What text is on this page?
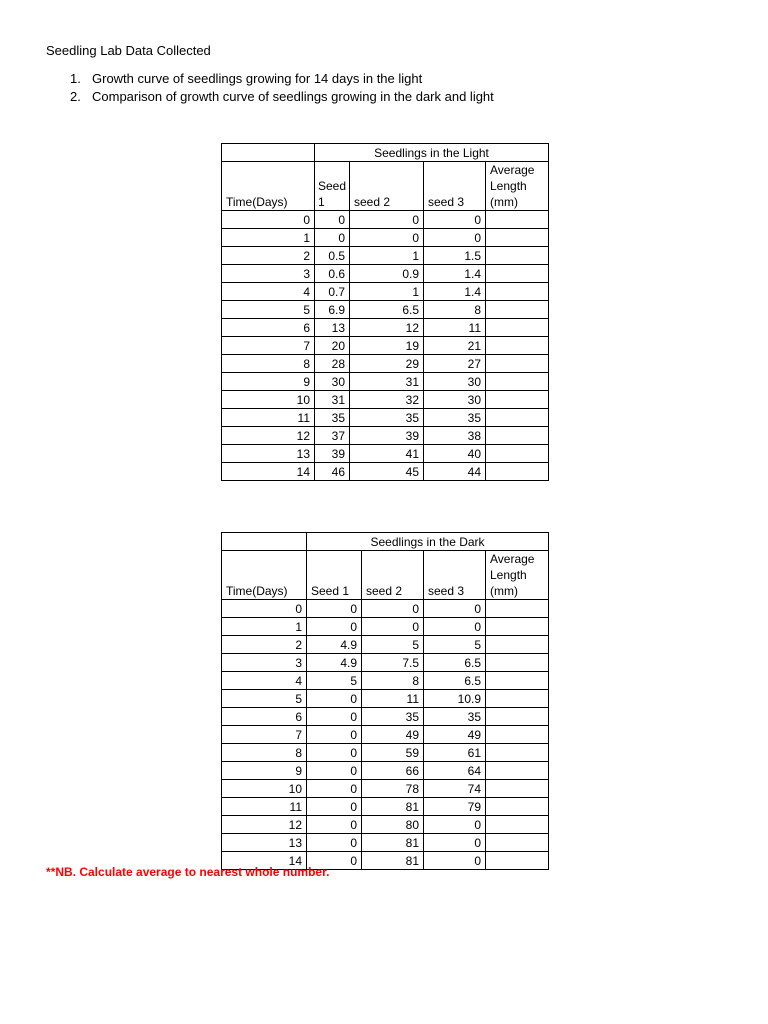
Seedling Lab Data Collected
1. Growth curve of seedlings growing for 14 days in the light
2. Comparison of growth curve of seedlings growing in the dark and light
	Seedlings in the Light			
Time(Days)	Seed 1	seed 2	seed 3	Average Length (mm)
0	0	0	0	
1	0	0	0	
2	0.5	1	1.5	
3	0.6	0.9	1.4	
4	0.7	1	1.4	
5	6.9	6.5	8	
6	13	12	11	
7	20	19	21	
8	28	29	27	
9	30	31	30	
10	31	32	30	
11	35	35	35	
12	37	39	38	
13	39	41	40	
14	46	45	44	
	Seedlings in the Dark			
Time(Days)	Seed 1	seed 2	seed 3	Average Length (mm)
0	0	0	0	
1	0	0	0	
2	4.9	5	5	
3	4.9	7.5	6.5	
4	5	8	6.5	
5	0	11	10.9	
6	0	35	35	
7	0	49	49	
8	0	59	61	
9	0	66	64	
10	0	78	74	
11	0	81	79	
12	0	80	0	
13	0	81	0	
14	0	81	0	
**NB. Calculate average to nearest whole number.
